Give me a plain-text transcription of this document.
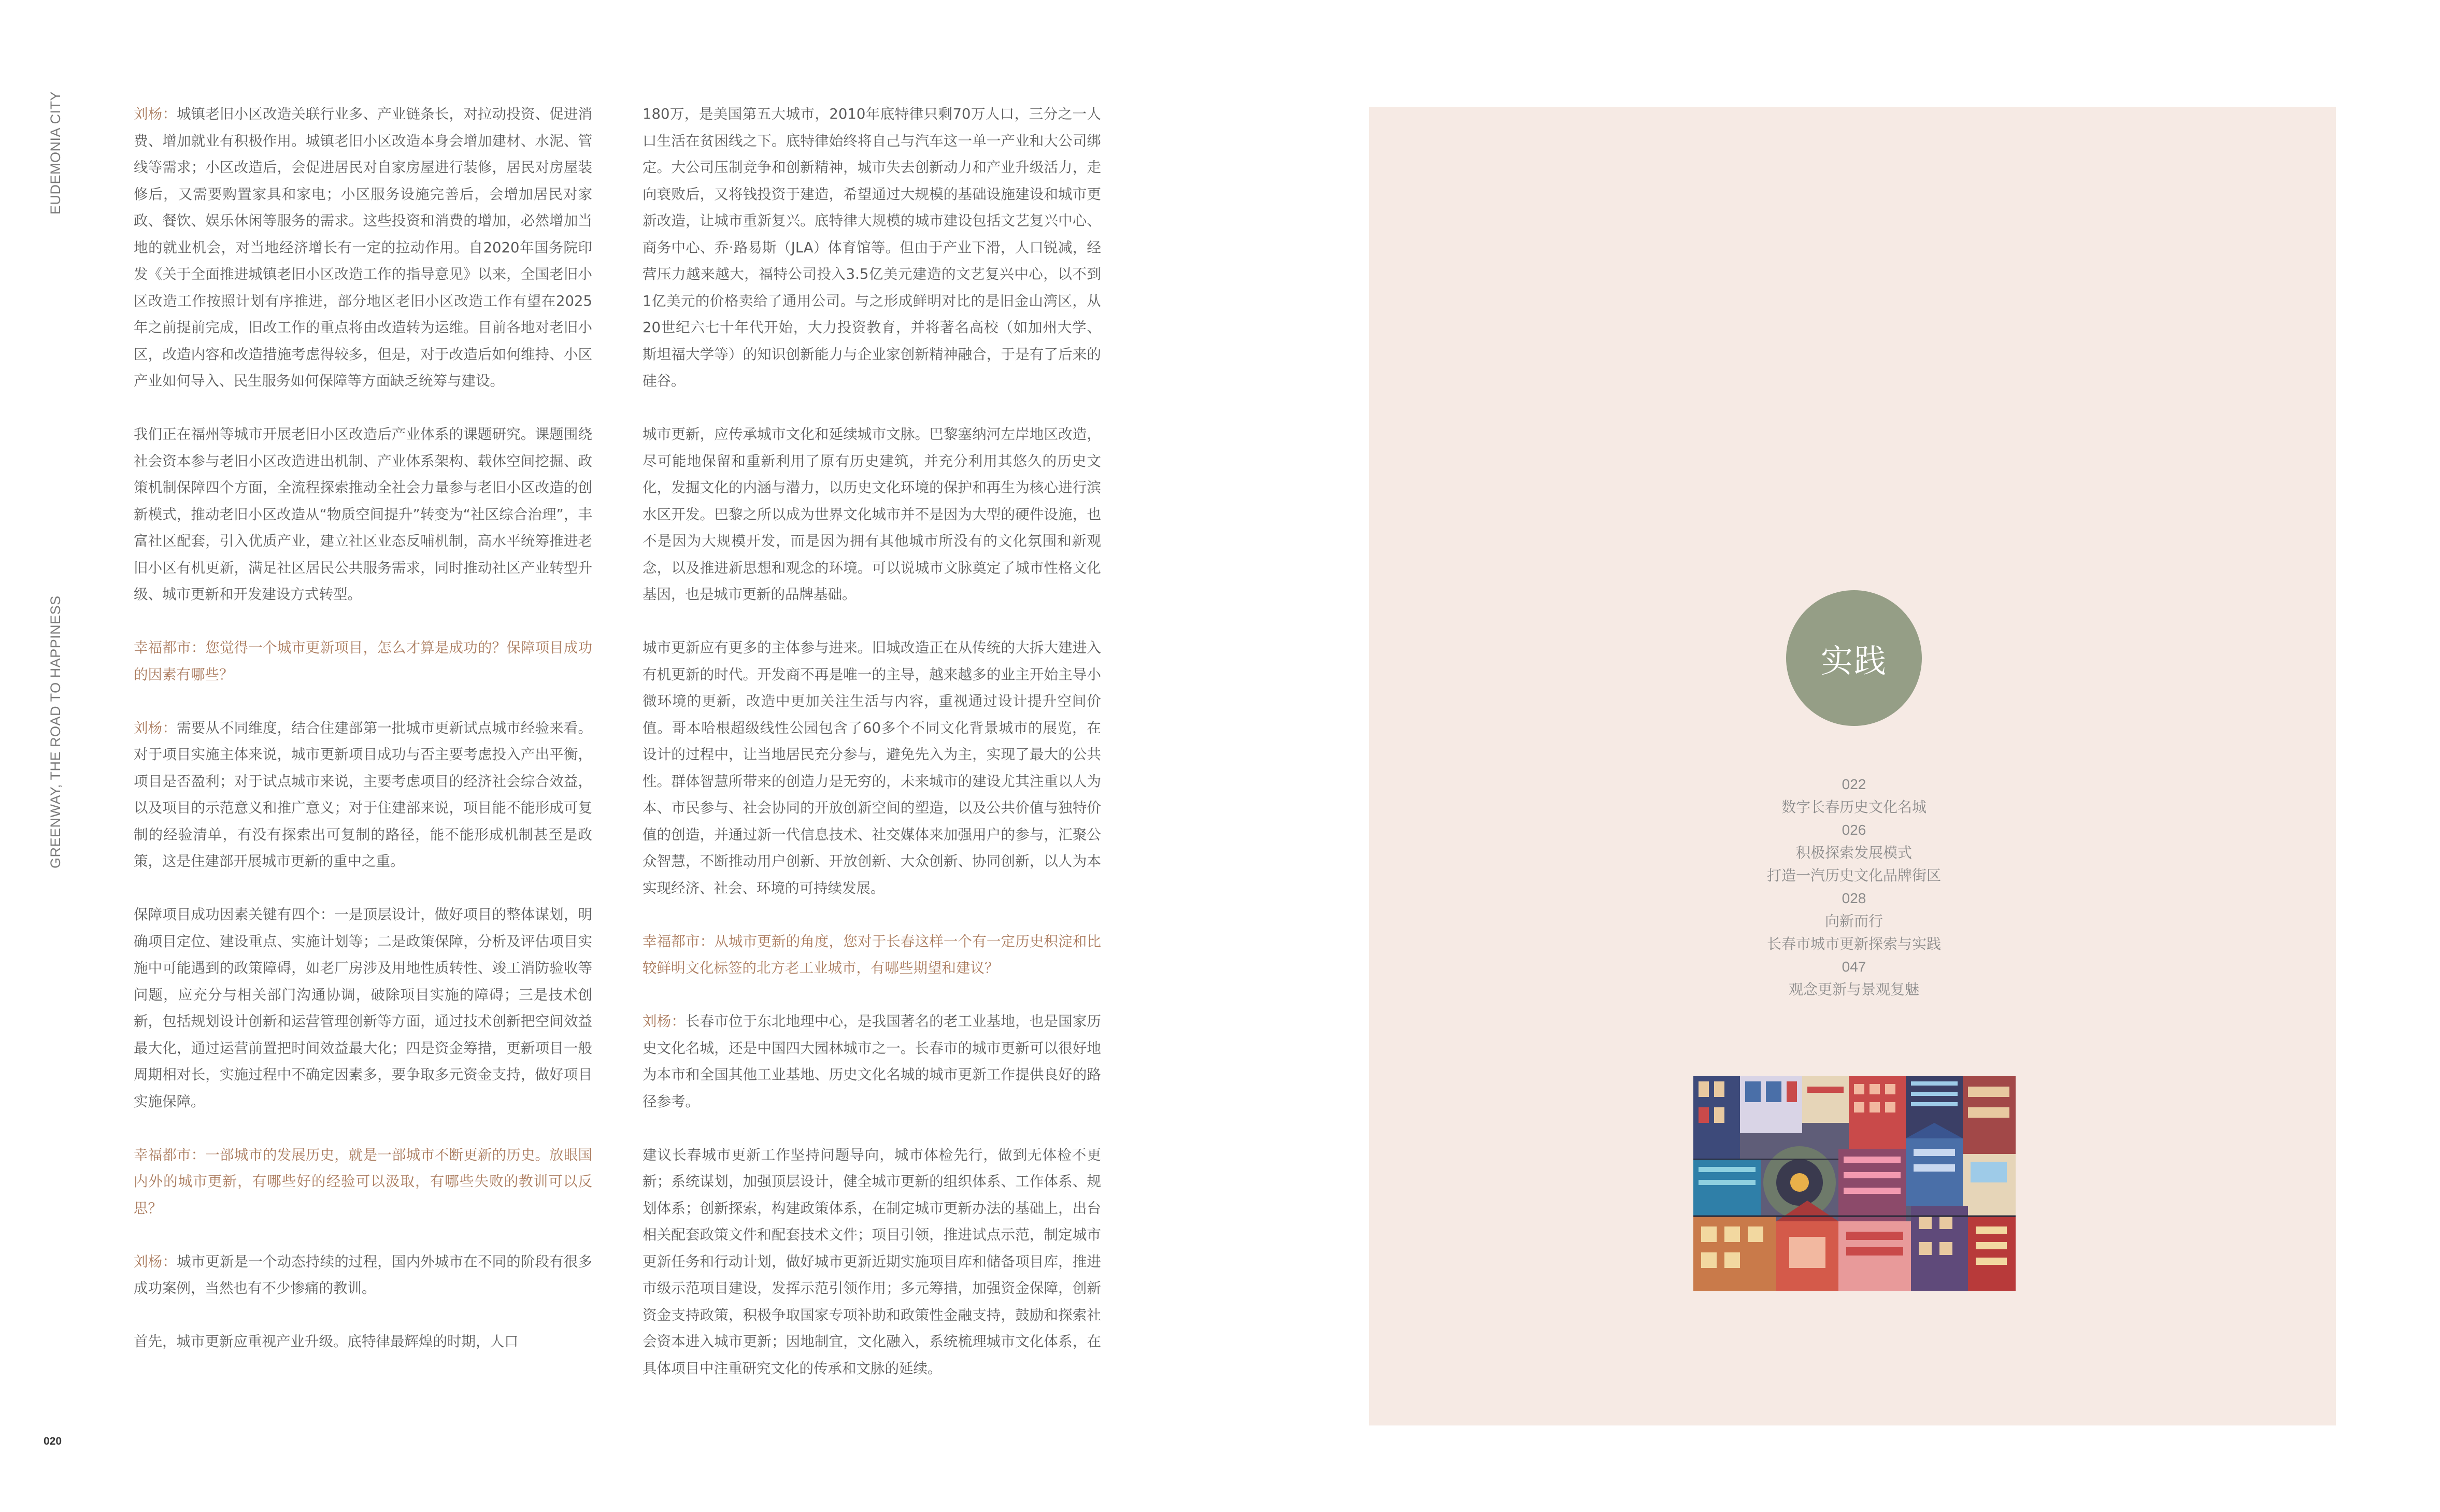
EUDEMONIA CITY
GREENWAY, THE ROAD TO HAPPINESS

刘杨：城镇老旧小区改造关联行业多、产业链条长，对拉动投资、促进消费、增加就业有积极作用。城镇老旧小区改造本身会增加建材、水泥、管线等需求；小区改造后，会促进居民对自家房屋进行装修，居民对房屋装修后，又需要购置家具和家电；小区服务设施完善后，会增加居民对家政、餐饮、娱乐休闲等服务的需求。这些投资和消费的增加，必然增加当地的就业机会，对当地经济增长有一定的拉动作用。自2020年国务院印发《关于全面推进城镇老旧小区改造工作的指导意见》以来，全国老旧小区改造工作按照计划有序推进，部分地区老旧小区改造工作有望在2025年之前提前完成，旧改工作的重点将由改造转为运维。目前各地对老旧小区，改造内容和改造措施考虑得较多，但是，对于改造后如何维持、小区产业如何导入、民生服务如何保障等方面缺乏统筹与建设。

我们正在福州等城市开展老旧小区改造后产业体系的课题研究。课题围绕社会资本参与老旧小区改造进出机制、产业体系架构、载体空间挖掘、政策机制保障四个方面，全流程探索推动全社会力量参与老旧小区改造的创新模式，推动老旧小区改造从“物质空间提升”转变为“社区综合治理”，丰富社区配套，引入优质产业，建立社区业态反哺机制，高水平统筹推进老旧小区有机更新，满足社区居民公共服务需求，同时推动社区产业转型升级、城市更新和开发建设方式转型。

幸福都市：您觉得一个城市更新项目，怎么才算是成功的？保障项目成功的因素有哪些？

刘杨：需要从不同维度，结合住建部第一批城市更新试点城市经验来看。对于项目实施主体来说，城市更新项目成功与否主要考虑投入产出平衡，项目是否盈利；对于试点城市来说，主要考虑项目的经济社会综合效益，以及项目的示范意义和推广意义；对于住建部来说，项目能不能形成可复制的经验清单，有没有探索出可复制的路径，能不能形成机制甚至是政策，这是住建部开展城市更新的重中之重。

保障项目成功因素关键有四个：一是顶层设计，做好项目的整体谋划，明确项目定位、建设重点、实施计划等；二是政策保障，分析及评估项目实施中可能遇到的政策障碍，如老厂房涉及用地性质转性、竣工消防验收等问题，应充分与相关部门沟通协调，破除项目实施的障碍；三是技术创新，包括规划设计创新和运营管理创新等方面，通过技术创新把空间效益最大化，通过运营前置把时间效益最大化；四是资金筹措，更新项目一般周期相对长，实施过程中不确定因素多，要争取多元资金支持，做好项目实施保障。

幸福都市：一部城市的发展历史，就是一部城市不断更新的历史。放眼国内外的城市更新，有哪些好的经验可以汲取，有哪些失败的教训可以反思？

刘杨：城市更新是一个动态持续的过程，国内外城市在不同的阶段有很多成功案例，当然也有不少惨痛的教训。

首先，城市更新应重视产业升级。底特律最辉煌的时期，人口

180万，是美国第五大城市，2010年底特律只剩70万人口，三分之一人口生活在贫困线之下。底特律始终将自己与汽车这一单一产业和大公司绑定。大公司压制竞争和创新精神，城市失去创新动力和产业升级活力，走向衰败后，又将钱投资于建造，希望通过大规模的基础设施建设和城市更新改造，让城市重新复兴。底特律大规模的城市建设包括文艺复兴中心、商务中心、乔·路易斯（JLA）体育馆等。但由于产业下滑，人口锐减，经营压力越来越大，福特公司投入3.5亿美元建造的文艺复兴中心，以不到1亿美元的价格卖给了通用公司。与之形成鲜明对比的是旧金山湾区，从20世纪六七十年代开始，大力投资教育，并将著名高校（如加州大学、斯坦福大学等）的知识创新能力与企业家创新精神融合，于是有了后来的硅谷。

城市更新，应传承城市文化和延续城市文脉。巴黎塞纳河左岸地区改造，尽可能地保留和重新利用了原有历史建筑，并充分利用其悠久的历史文化，发掘文化的内涵与潜力，以历史文化环境的保护和再生为核心进行滨水区开发。巴黎之所以成为世界文化城市并不是因为大型的硬件设施，也不是因为大规模开发，而是因为拥有其他城市所没有的文化氛围和新观念，以及推进新思想和观念的环境。可以说城市文脉奠定了城市性格文化基因，也是城市更新的品牌基础。

城市更新应有更多的主体参与进来。旧城改造正在从传统的大拆大建进入有机更新的时代。开发商不再是唯一的主导，越来越多的业主开始主导小微环境的更新，改造中更加关注生活与内容，重视通过设计提升空间价值。哥本哈根超级线性公园包含了60多个不同文化背景城市的展览，在设计的过程中，让当地居民充分参与，避免先入为主，实现了最大的公共性。群体智慧所带来的创造力是无穷的，未来城市的建设尤其注重以人为本、市民参与、社会协同的开放创新空间的塑造，以及公共价值与独特价值的创造，并通过新一代信息技术、社交媒体来加强用户的参与，汇聚公众智慧，不断推动用户创新、开放创新、大众创新、协同创新，以人为本实现经济、社会、环境的可持续发展。

幸福都市：从城市更新的角度，您对于长春这样一个有一定历史积淀和比较鲜明文化标签的北方老工业城市，有哪些期望和建议？

刘杨：长春市位于东北地理中心，是我国著名的老工业基地，也是国家历史文化名城，还是中国四大园林城市之一。长春市的城市更新可以很好地为本市和全国其他工业基地、历史文化名城的城市更新工作提供良好的路径参考。

建议长春城市更新工作坚持问题导向，城市体检先行，做到无体检不更新；系统谋划，加强顶层设计，健全城市更新的组织体系、工作体系、规划体系；创新探索，构建政策体系，在制定城市更新办法的基础上，出台相关配套政策文件和配套技术文件；项目引领，推进试点示范，制定城市更新任务和行动计划，做好城市更新近期实施项目库和储备项目库，推进市级示范项目建设，发挥示范引领作用；多元筹措，加强资金保障，创新资金支持政策，积极争取国家专项补助和政策性金融支持，鼓励和探索社会资本进入城市更新；因地制宜，文化融入，系统梳理城市文化体系，在具体项目中注重研究文化的传承和文脉的延续。

020
实践
022
数字长春历史文化名城
026
积极探索发展模式
打造一汽历史文化品牌街区
028
向新而行
长春市城市更新探索与实践
047
观念更新与景观复魅
